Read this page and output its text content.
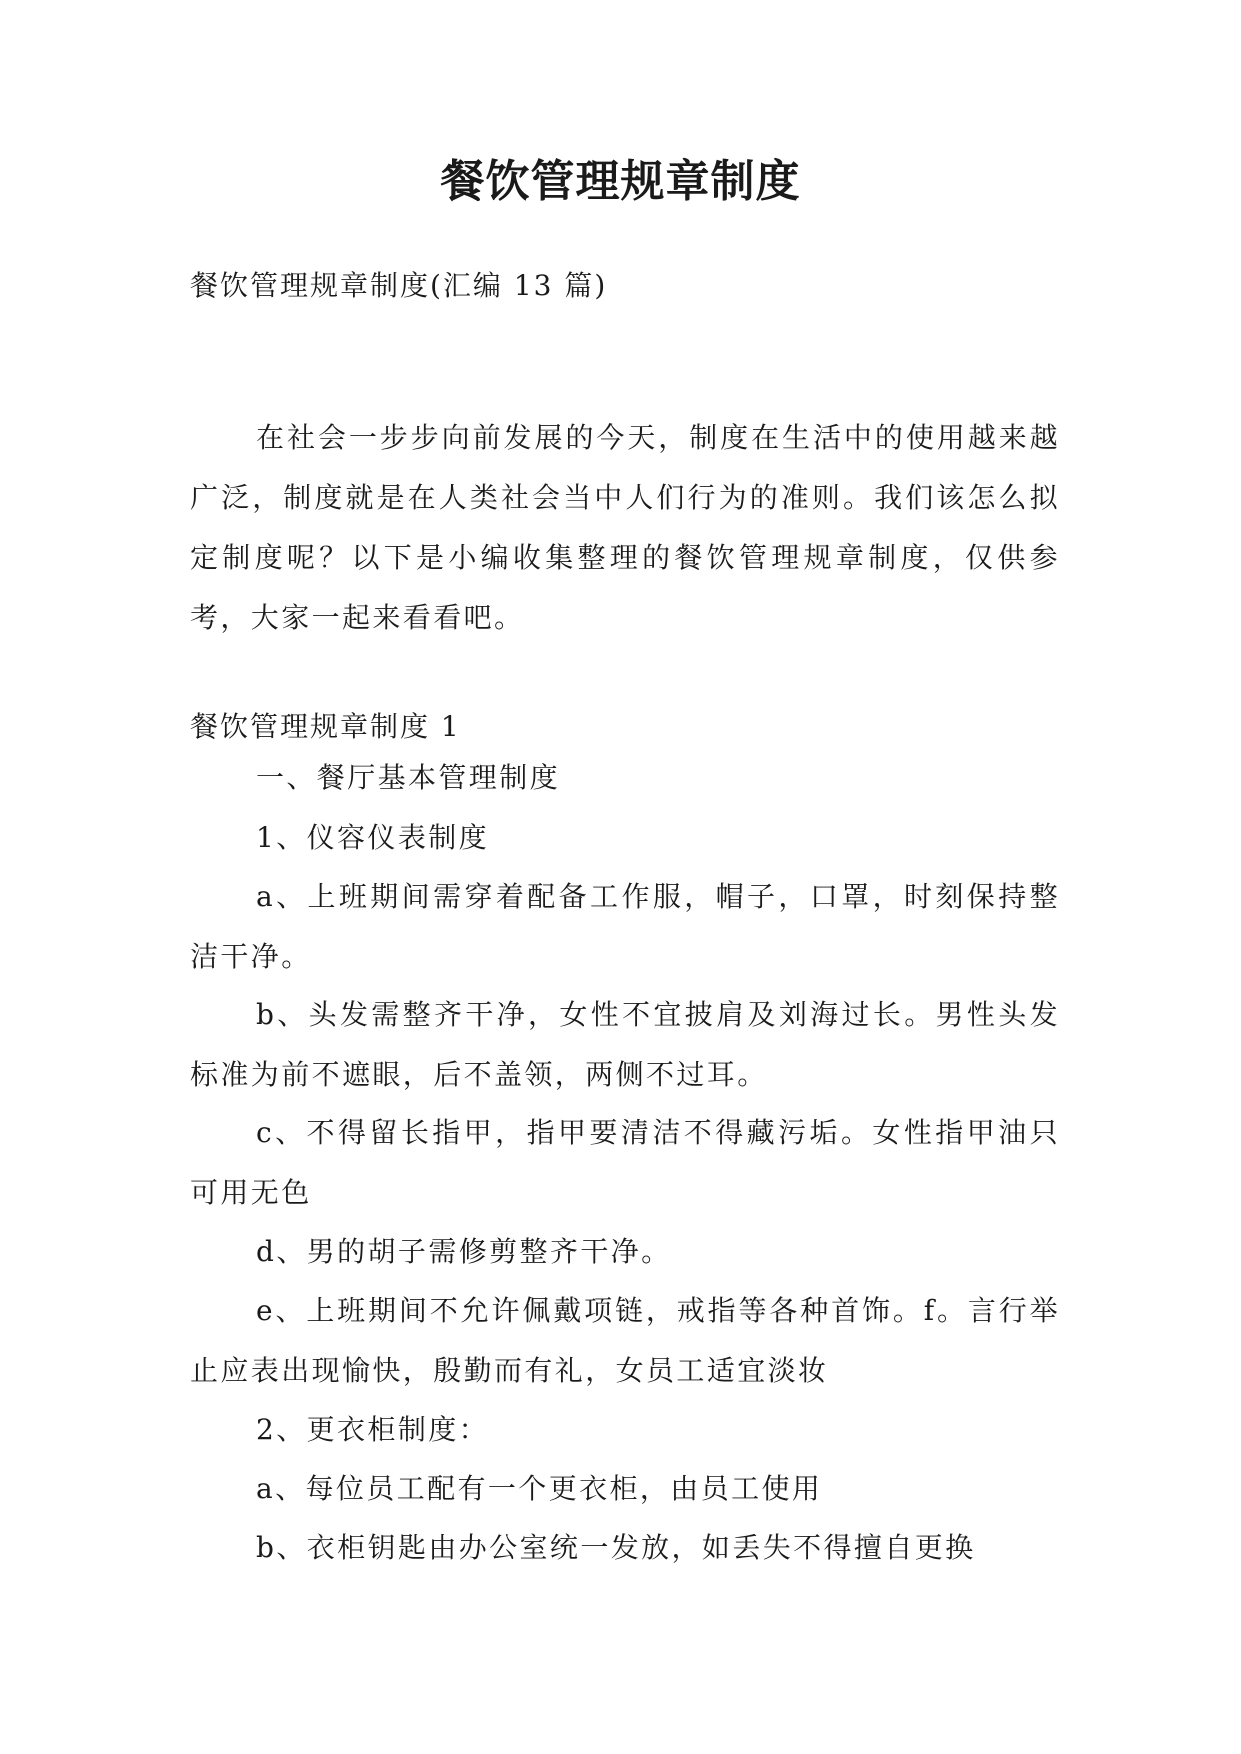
餐饮管理规章制度
餐饮管理规章制度(汇编 13 篇)
在社会一步步向前发展的今天，制度在生活中的使用越来越广泛，制度就是在人类社会当中人们行为的准则。我们该怎么拟定制度呢？以下是小编收集整理的餐饮管理规章制度，仅供参考，大家一起来看看吧。
餐饮管理规章制度 1
一、餐厅基本管理制度
1、仪容仪表制度
a、上班期间需穿着配备工作服，帽子，口罩，时刻保持整洁干净。
b、头发需整齐干净，女性不宜披肩及刘海过长。男性头发标准为前不遮眼，后不盖领，两侧不过耳。
c、不得留长指甲，指甲要清洁不得藏污垢。女性指甲油只可用无色
d、男的胡子需修剪整齐干净。
e、上班期间不允许佩戴项链，戒指等各种首饰。f。言行举止应表出现愉快，殷勤而有礼，女员工适宜淡妆
2、更衣柜制度：
a、每位员工配有一个更衣柜，由员工使用
b、衣柜钥匙由办公室统一发放，如丢失不得擅自更换
